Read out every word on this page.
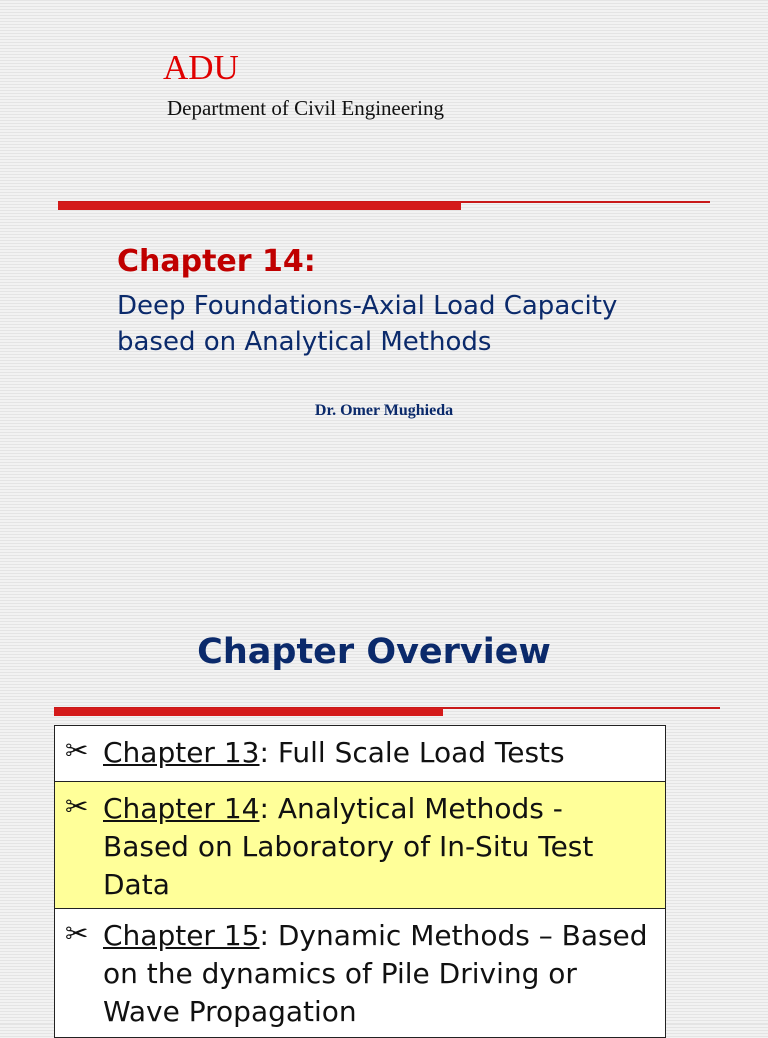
ADU
Department of Civil Engineering
Chapter 14:
Deep Foundations-Axial Load Capacity
based on Analytical Methods
Dr. Omer Mughieda
Chapter Overview
✂ Chapter 13: Full Scale Load Tests
✂ Chapter 14: Analytical Methods - Based on Laboratory of In-Situ Test Data
✂ Chapter 15: Dynamic Methods – Based on the dynamics of Pile Driving or Wave Propagation
